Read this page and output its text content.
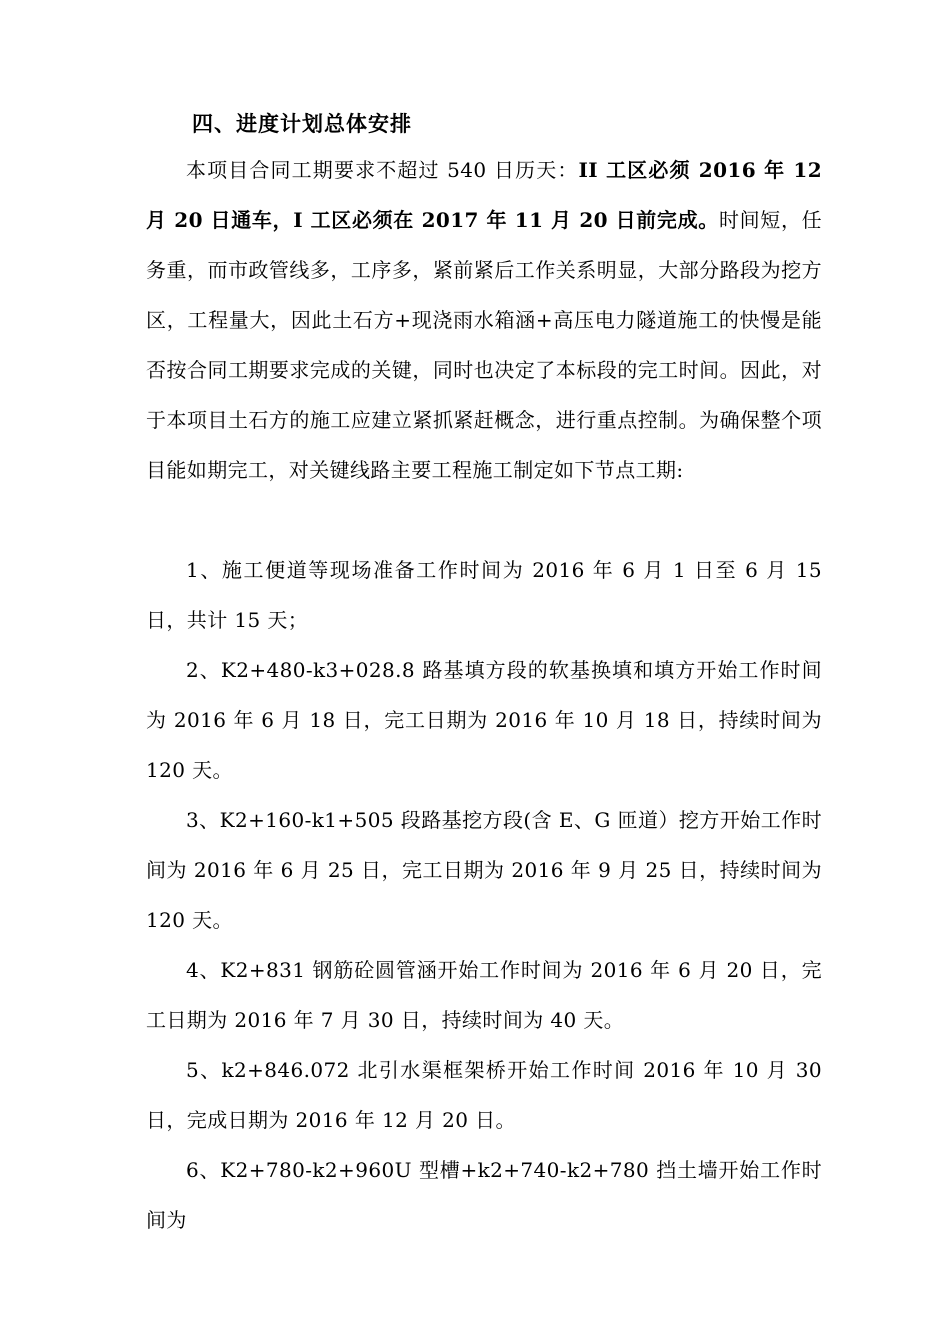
四、进度计划总体安排

本项目合同工期要求不超过 540 日历天：II 工区必须 2016 年 12 月 20 日通车，I 工区必须在 2017 年 11 月 20 日前完成。时间短，任务重，而市政管线多，工序多，紧前紧后工作关系明显，大部分路段为挖方区，工程量大，因此土石方+现浇雨水箱涵+高压电力隧道施工的快慢是能否按合同工期要求完成的关键，同时也决定了本标段的完工时间。因此，对于本项目土石方的施工应建立紧抓紧赶概念，进行重点控制。为确保整个项目能如期完工，对关键线路主要工程施工制定如下节点工期:

1、施工便道等现场准备工作时间为 2016 年 6 月 1 日至 6 月 15 日，共计 15 天；

2、K2+480-k3+028.8 路基填方段的软基换填和填方开始工作时间为 2016 年 6 月 18 日，完工日期为 2016 年 10 月 18 日，持续时间为 120 天。

3、K2+160-k1+505 段路基挖方段(含 E、G 匝道）挖方开始工作时间为 2016 年 6 月 25 日，完工日期为 2016 年 9 月 25 日，持续时间为 120 天。

4、K2+831 钢筋砼圆管涵开始工作时间为 2016 年 6 月 20 日，完工日期为 2016 年 7 月 30 日，持续时间为 40 天。

5、k2+846.072 北引水渠框架桥开始工作时间 2016 年 10 月 30 日，完成日期为 2016 年 12 月 20 日。

6、K2+780-k2+960U 型槽+k2+740-k2+780 挡土墙开始工作时间为
